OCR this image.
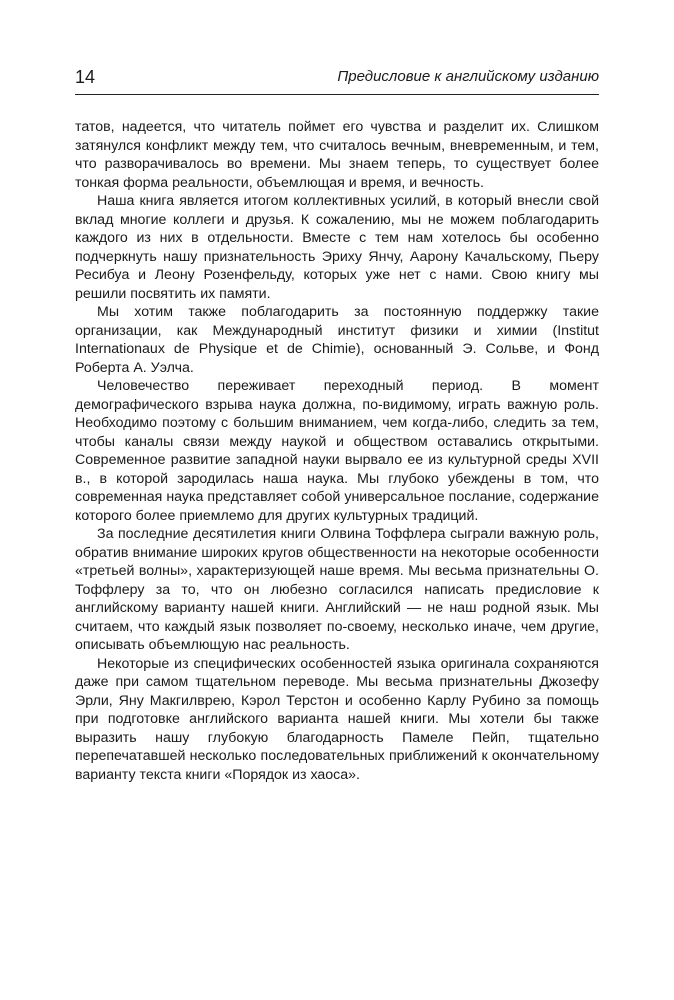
14	Предисловие к английскому изданию

татов, надеется, что читатель поймет его чувства и разделит их. Слишком затянулся конфликт между тем, что считалось вечным, вневременным, и тем, что разворачивалось во времени. Мы знаем теперь, то существует более тонкая форма реальности, объемлющая и время, и вечность.

Наша книга является итогом коллективных усилий, в который внесли свой вклад многие коллеги и друзья. К сожалению, мы не можем поблагодарить каждого из них в отдельности. Вместе с тем нам хотелось бы особенно подчеркнуть нашу признательность Эриху Янчу, Аарону Качальскому, Пьеру Ресибуа и Леону Розенфельду, которых уже нет с нами. Свою книгу мы решили посвятить их памяти.

Мы хотим также поблагодарить за постоянную поддержку такие организации, как Международный институт физики и химии (Institut Internationaux de Physique et de Chimie), основанный Э. Сольве, и Фонд Роберта А. Уэлча.

Человечество переживает переходный период. В момент демографического взрыва наука должна, по-видимому, играть важную роль. Необходимо поэтому с большим вниманием, чем когда-либо, следить за тем, чтобы каналы связи между наукой и обществом оставались открытыми. Современное развитие западной науки вырвало ее из культурной среды XVII в., в которой зародилась наша наука. Мы глубоко убеждены в том, что современная наука представляет собой универсальное послание, содержание которого более приемлемо для других культурных традиций.

За последние десятилетия книги Олвина Тоффлера сыграли важную роль, обратив внимание широких кругов общественности на некоторые особенности «третьей волны», характеризующей наше время. Мы весьма признательны О. Тоффлеру за то, что он любезно согласился написать предисловие к английскому варианту нашей книги. Английский — не наш родной язык. Мы считаем, что каждый язык позволяет по-своему, несколько иначе, чем другие, описывать объемлющую нас реальность.

Некоторые из специфических особенностей языка оригинала сохраняются даже при самом тщательном переводе. Мы весьма признательны Джозефу Эрли, Яну Макгилврею, Кэрол Терстон и особенно Карлу Рубино за помощь при подготовке английского варианта нашей книги. Мы хотели бы также выразить нашу глубокую благодарность Памеле Пейп, тщательно перепечатавшей несколько последовательных приближений к окончательному варианту текста книги «Порядок из хаоса».
